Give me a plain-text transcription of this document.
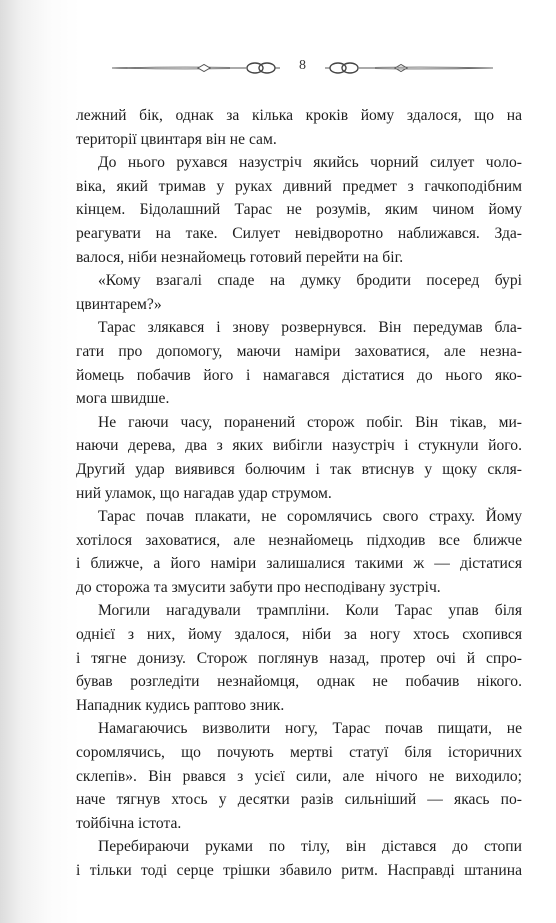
8
лежний бік, однак за кілька кроків йому здалося, що на
території цвинтаря він не сам.
До нього рухався назустріч якийсь чорний силует чоло-
віка, який тримав у руках дивний предмет з гачкоподібним
кінцем. Бідолашний Тарас не розумів, яким чином йому
реагувати на таке. Силует невідворотно наближався. Зда-
валося, ніби незнайомець готовий перейти на біг.
«Кому взагалі спаде на думку бродити посеред бурі
цвинтарем?»
Тарас злякався і знову розвернувся. Він передумав бла-
гати про допомогу, маючи наміри заховатися, але незна-
йомець побачив його і намагався дістатися до нього яко-
мога швидше.
Не гаючи часу, поранений сторож побіг. Він тікав, ми-
наючи дерева, два з яких вибігли назустріч і стукнули його.
Другий удар виявився болючим і так втиснув у щоку скля-
ний уламок, що нагадав удар струмом.
Тарас почав плакати, не соромлячись свого страху. Йому
хотілося заховатися, але незнайомець підходив все ближче
і ближче, а його наміри залишалися такими ж — дістатися
до сторожа та змусити забути про несподівану зустріч.
Могили нагадували трампліни. Коли Тарас упав біля
однієї з них, йому здалося, ніби за ногу хтось схопився
і тягне донизу. Сторож поглянув назад, протер очі й спро-
бував розгледіти незнайомця, однак не побачив нікого.
Нападник кудись раптово зник.
Намагаючись визволити ногу, Тарас почав пищати, не
соромлячись, що почують мертві статуї біля історичних
склепів». Він рвався з усієї сили, але нічого не виходило;
наче тягнув хтось у десятки разів сильніший — якась по-
тойбічна істота.
Перебираючи руками по тілу, він дістався до стопи
і тільки тоді серце трішки збавило ритм. Насправді штанина
